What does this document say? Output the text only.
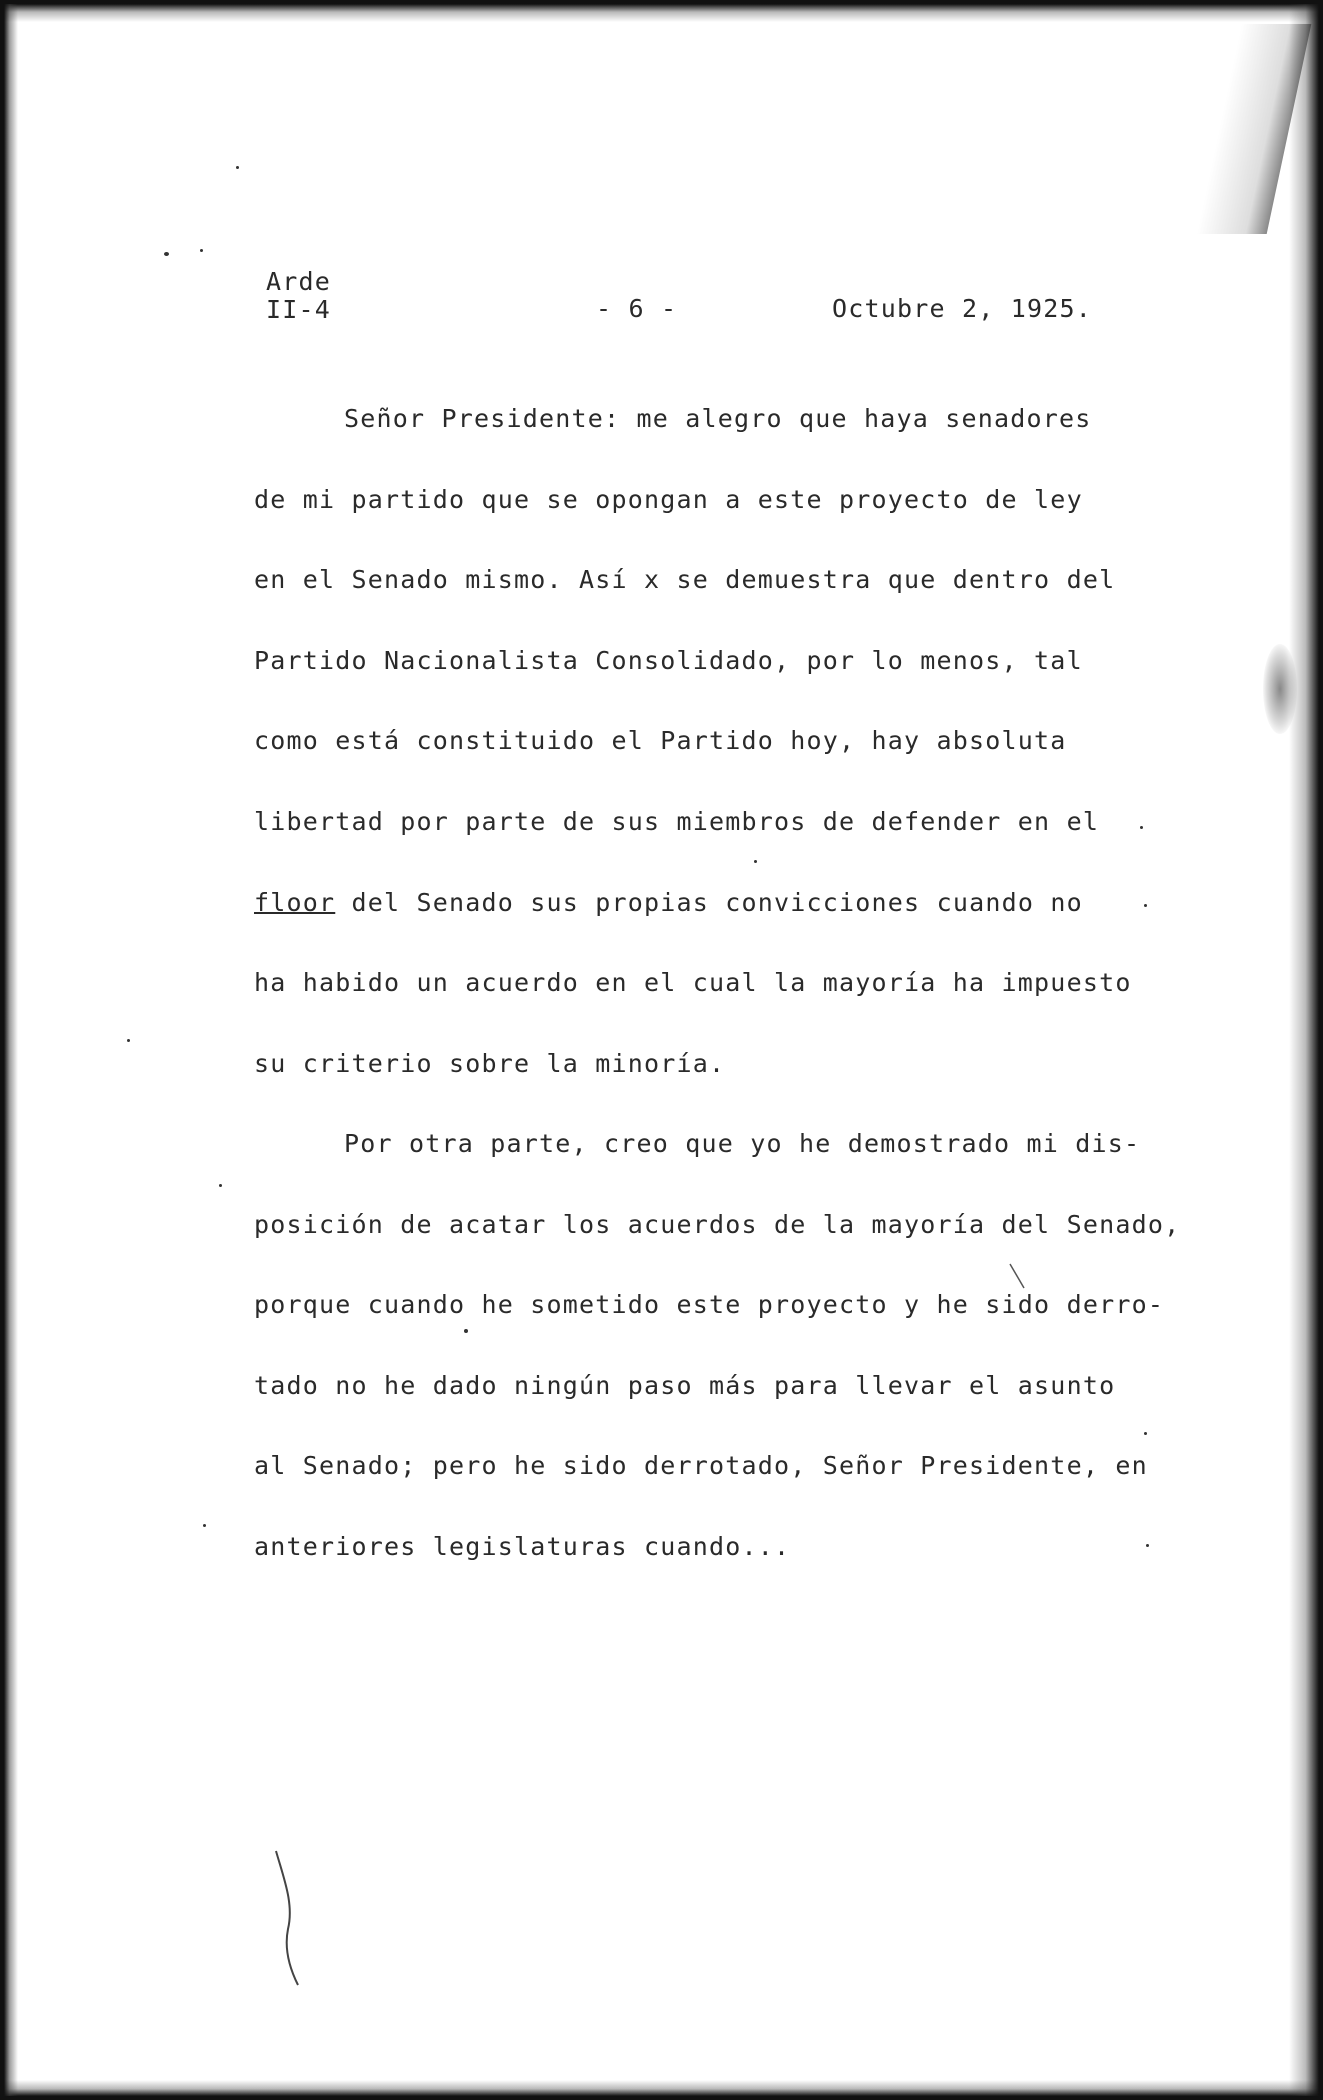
Arde
II-4	- 6 -	Octubre 2, 1925.
Señor Presidente: me alegro que haya senadores
de mi partido que se opongan a este proyecto de ley
en el Senado mismo. Así x se demuestra que dentro del
Partido Nacionalista Consolidado, por lo menos, tal
como está constituido el Partido hoy, hay absoluta
libertad por parte de sus miembros de defender en el
floor del Senado sus propias convicciones cuando no
ha habido un acuerdo en el cual la mayoría ha impuesto
su criterio sobre la minoría.
Por otra parte, creo que yo he demostrado mi dis-
posición de acatar los acuerdos de la mayoría del Senado,
porque cuando he sometido este proyecto y he sido derro-
tado no he dado ningún paso más para llevar el asunto
al Senado; pero he sido derrotado, Señor Presidente, en
anteriores legislaturas cuando...
